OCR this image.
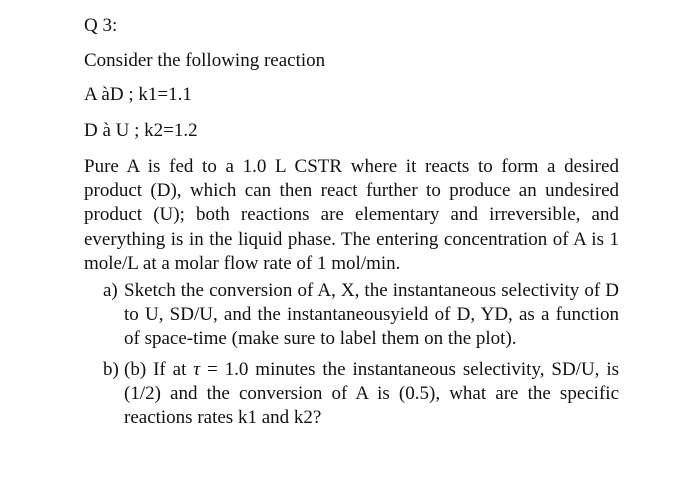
Q 3:
Consider the following reaction
A àD ; k1=1.1
D à U ; k2=1.2

Pure A is fed to a 1.0 L CSTR where it reacts to form a desired product (D), which can then react further to produce an undesired product (U); both reactions are elementary and irreversible, and everything is in the liquid phase. The entering concentration of A is 1 mole/L at a molar flow rate of 1 mol/min.

a) Sketch the conversion of A, X, the instantaneous selectivity of D to U, SD/U, and the instantaneousyield of D, YD, as a function of space-time (make sure to label them on the plot).
b) (b) If at τ = 1.0 minutes the instantaneous selectivity, SD/U, is (1/2) and the conversion of A is (0.5), what are the specific reactions rates k1 and k2?
